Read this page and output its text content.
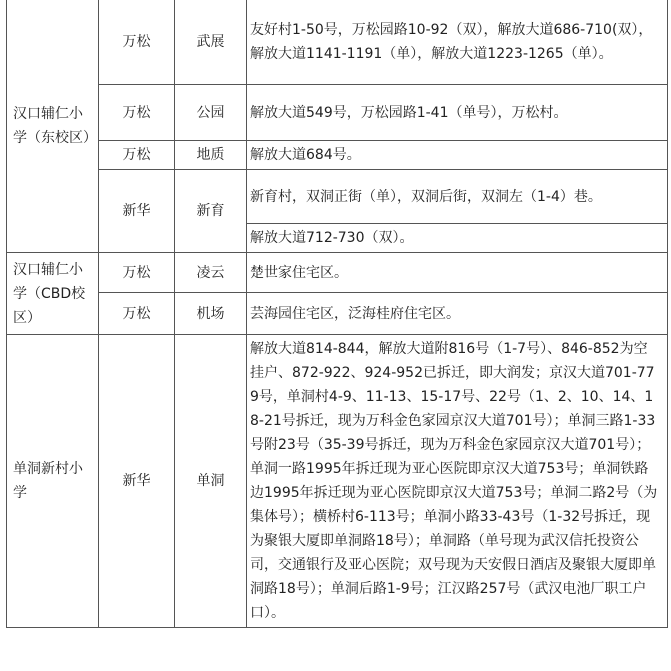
汉口辅仁小学（东校区）	万松	武展	友好村1-50号，万松园路10-92（双），解放大道686-710(双），解放大道1141-1191（单），解放大道1223-1265（单）。
	万松	公园	解放大道549号，万松园路1-41（单号），万松村。
	万松	地质	解放大道684号。
	新华	新育	新育村，双洞正街（单），双洞后街，双洞左（1-4）巷。
			解放大道712-730（双）。
汉口辅仁小学（CBD校区）	万松	凌云	楚世家住宅区。
	万松	机场	芸海园住宅区，泛海桂府住宅区。
单洞新村小学	新华	单洞	解放大道814-844，解放大道附816号（1-7号）、846-852为空挂户、872-922、924-952已拆迁，即大润发；京汉大道701-779号，单洞村4-9、11-13、15-17号、22号（1、2、10、14、18-21号拆迁，现为万科金色家园京汉大道701号）；单洞三路1-33号附23号（35-39号拆迁，现为万科金色家园京汉大道701号）；单洞一路1995年拆迁现为亚心医院即京汉大道753号；单洞铁路边1995年拆迁现为亚心医院即京汉大道753号；单洞二路2号（为集体号）；横桥村6-113号；单洞小路33-43号（1-32号拆迁，现为聚银大厦即单洞路18号）；单洞路（单号现为武汉信托投资公司，交通银行及亚心医院；双号现为天安假日酒店及聚银大厦即单洞路18号）；单洞后路1-9号；江汉路257号（武汉电池厂职工户口）。
